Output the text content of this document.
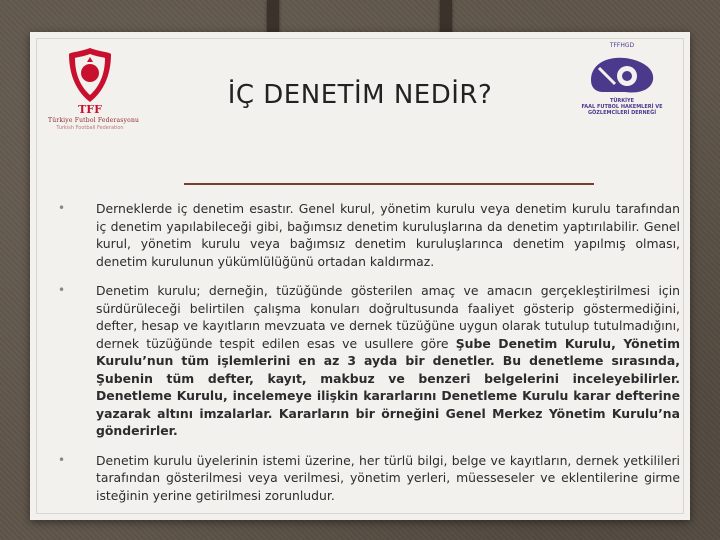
TFF
Türkiye Futbol Federasyonu
Turkish Football Federation
TFFHGD
TÜRKİYE
FAAL FUTBOL HAKEMLERİ VE
GÖZLEMCİLERİ DERNEĞİ
İÇ DENETİM NEDİR?
• Derneklerde iç denetim esastır. Genel kurul, yönetim kurulu veya denetim kurulu tarafından iç denetim yapılabileceği gibi, bağımsız denetim kuruluşlarına da denetim yaptırılabilir. Genel kurul, yönetim kurulu veya bağımsız denetim kuruluşlarınca denetim yapılmış olması, denetim kurulunun yükümlülüğünü ortadan kaldırmaz.
• Denetim kurulu; derneğin, tüzüğünde gösterilen amaç ve amacın gerçekleştirilmesi için sürdürüleceği belirtilen çalışma konuları doğrultusunda faaliyet gösterip göstermediğini, defter, hesap ve kayıtların mevzuata ve dernek tüzüğüne uygun olarak tutulup tutulmadığını, dernek tüzüğünde tespit edilen esas ve usullere göre Şube Denetim Kurulu, Yönetim Kurulu’nun tüm işlemlerini en az 3 ayda bir denetler. Bu denetleme sırasında, Şubenin tüm defter, kayıt, makbuz ve benzeri belgelerini inceleyebilirler. Denetleme Kurulu, incelemeye ilişkin kararlarını Denetleme Kurulu karar defterine yazarak altını imzalarlar. Kararların bir örneğini Genel Merkez Yönetim Kurulu’na gönderirler.
• Denetim kurulu üyelerinin istemi üzerine, her türlü bilgi, belge ve kayıtların, dernek yetkilileri tarafından gösterilmesi veya verilmesi, yönetim yerleri, müesseseler ve eklentilerine girme isteğinin yerine getirilmesi zorunludur.
